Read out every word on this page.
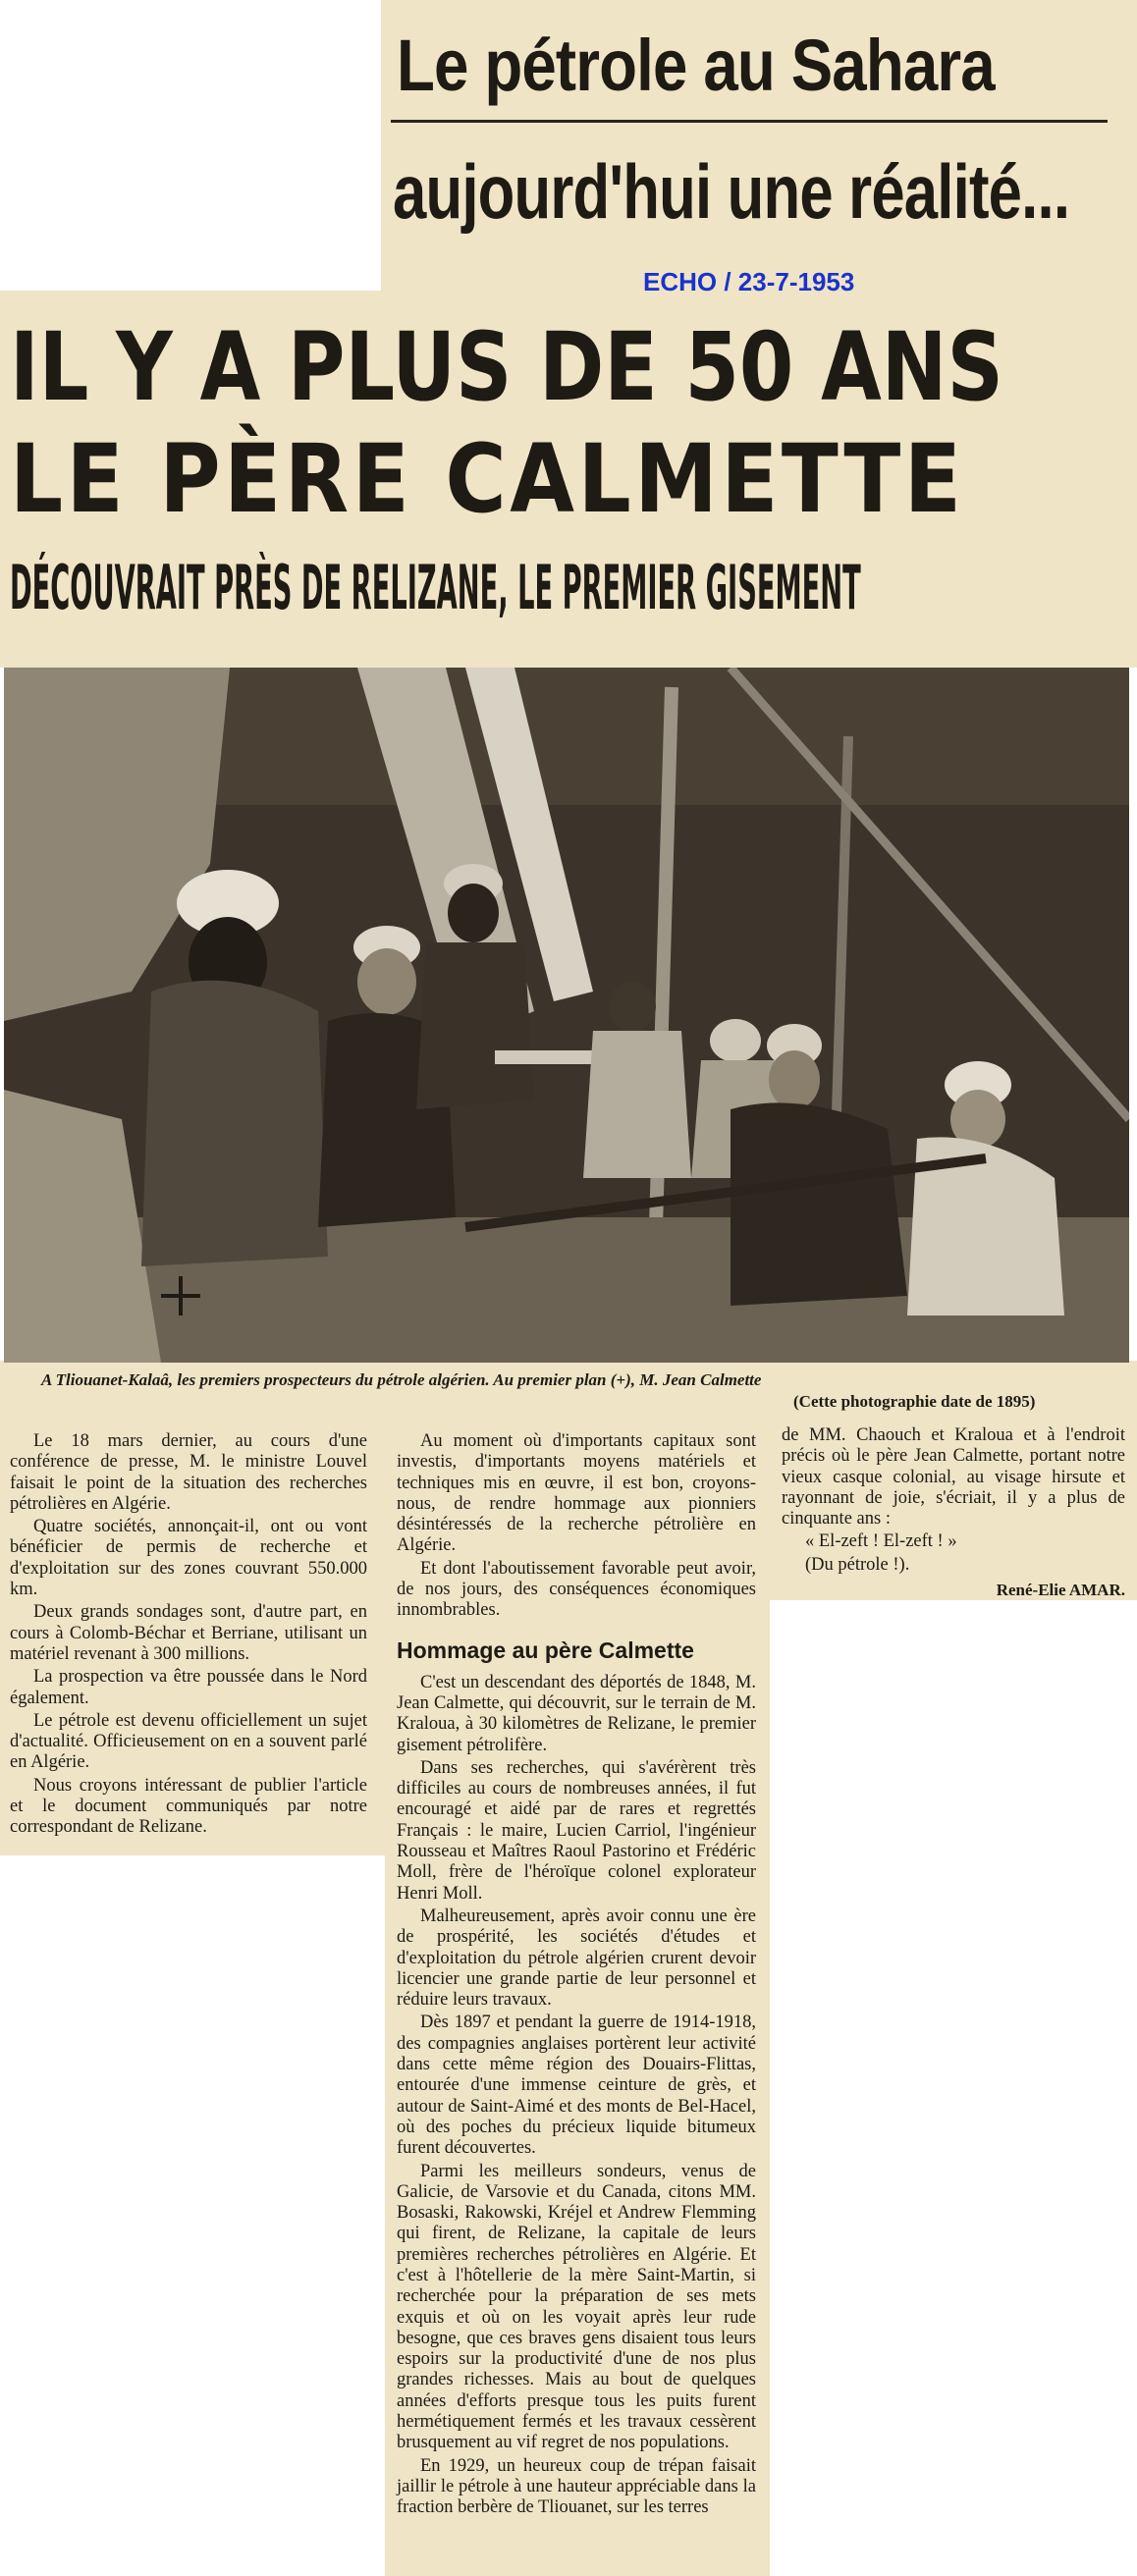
Le pétrole au Sahara
aujourd'hui une réalité...
ECHO / 23-7-1953
IL Y A PLUS DE 50 ANS
LE PÈRE CALMETTE
DÉCOUVRAIT PRÈS DE RELIZANE, LE PREMIER GISEMENT
A Tliouanet-Kalaâ, les premiers prospecteurs du pétrole algérien. Au premier plan (+), M. Jean Calmette
(Cette photographie date de 1895)

Le 18 mars dernier, au cours d'une conférence de presse, M. le ministre Louvel faisait le point de la situation des recherches pétrolières en Algérie.

Quatre sociétés, annonçait-il, ont ou vont bénéficier de permis de recherche et d'exploitation sur des zones couvrant 550.000 km.

Deux grands sondages sont, d'autre part, en cours à Colomb-Béchar et Berriane, utilisant un matériel revenant à 300 millions.

La prospection va être poussée dans le Nord également.

Le pétrole est devenu officiellement un sujet d'actualité. Officieusement on en a souvent parlé en Algérie.

Nous croyons intéressant de publier l'article et le document communiqués par notre correspondant de Relizane.

Au moment où d'importants capitaux sont investis, d'importants moyens matériels et techniques mis en œuvre, il est bon, croyons-nous, de rendre hommage aux pionniers désintéressés de la recherche pétrolière en Algérie.

Et dont l'aboutissement favorable peut avoir, de nos jours, des conséquences économiques innombrables.

Hommage au père Calmette

C'est un descendant des déportés de 1848, M. Jean Calmette, qui découvrit, sur le terrain de M. Kraloua, à 30 kilomètres de Relizane, le premier gisement pétrolifère.

Dans ses recherches, qui s'avérèrent très difficiles au cours de nombreuses années, il fut encouragé et aidé par de rares et regrettés Français : le maire, Lucien Carriol, l'ingénieur Rousseau et Maîtres Raoul Pastorino et Frédéric Moll, frère de l'héroïque colonel explorateur Henri Moll.

Malheureusement, après avoir connu une ère de prospérité, les sociétés d'études et d'exploitation du pétrole algérien crurent devoir licencier une grande partie de leur personnel et réduire leurs travaux.

Dès 1897 et pendant la guerre de 1914-1918, des compagnies anglaises portèrent leur activité dans cette même région des Douairs-Flittas, entourée d'une immense ceinture de grès, et autour de Saint-Aimé et des monts de Bel-Hacel, où des poches du précieux liquide bitumeux furent découvertes.

Parmi les meilleurs sondeurs, venus de Galicie, de Varsovie et du Canada, citons MM. Bosaski, Rakowski, Kréjel et Andrew Flemming qui firent, de Relizane, la capitale de leurs premières recherches pétrolières en Algérie. Et c'est à l'hôtellerie de la mère Saint-Martin, si recherchée pour la préparation de ses mets exquis et où on les voyait après leur rude besogne, que ces braves gens disaient tous leurs espoirs sur la productivité d'une de nos plus grandes richesses. Mais au bout de quelques années d'efforts presque tous les puits furent hermétiquement fermés et les travaux cessèrent brusquement au vif regret de nos populations.

En 1929, un heureux coup de trépan faisait jaillir le pétrole à une hauteur appréciable dans la fraction berbère de Tliouanet, sur les terres

de MM. Chaouch et Kraloua et à l'endroit précis où le père Jean Calmette, portant notre vieux casque colonial, au visage hirsute et rayonnant de joie, s'écriait, il y a plus de cinquante ans :

« El-zeft ! El-zeft ! »

(Du pétrole !).

René-Elie AMAR.
